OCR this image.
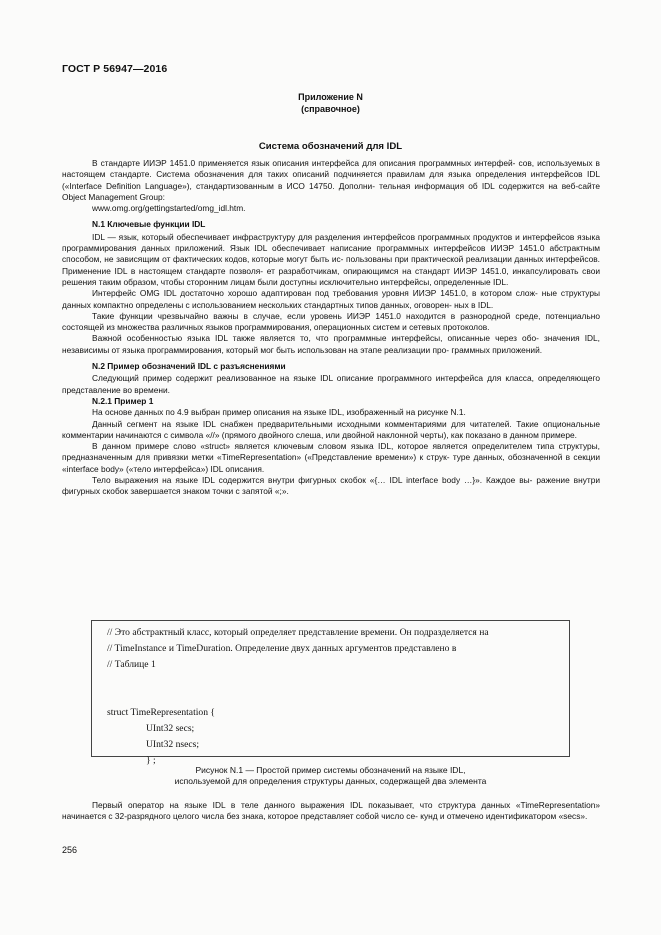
ГОСТ Р 56947—2016
Приложение N
(справочное)
Система обозначений для IDL

В стандарте ИИЭР 1451.0 применяется язык описания интерфейса для описания программных интерфей- сов, используемых в настоящем стандарте. Система обозначения для таких описаний подчиняется правилам для языка определения интерфейсов IDL («Interface Definition Language»), стандартизованным в ИСО 14750. Дополни- тельная информация об IDL содержится на веб-сайте Object Management Group:

www.omg.org/gettingstarted/omg_idl.htm.

N.1 Ключевые функции IDL

IDL — язык, который обеспечивает инфраструктуру для разделения интерфейсов программных продуктов и интерфейсов языка программирования данных приложений. Язык IDL обеспечивает написание программных интерфейсов ИИЭР 1451.0 абстрактным способом, не зависящим от фактических кодов, которые могут быть ис- пользованы при практической реализации данных интерфейсов. Применение IDL в настоящем стандарте позволя- ет разработчикам, опирающимся на стандарт ИИЭР 1451.0, инкапсулировать свои решения таким образом, чтобы сторонним лицам были доступны исключительно интерфейсы, определенные IDL.

Интерфейс OMG IDL достаточно хорошо адаптирован под требования уровня ИИЭР 1451.0, в котором слож- ные структуры данных компактно определены с использованием нескольких стандартных типов данных, оговорен- ных в IDL.

Такие функции чрезвычайно важны в случае, если уровень ИИЭР 1451.0 находится в разнородной среде, потенциально состоящей из множества различных языков программирования, операционных систем и сетевых протоколов.

Важной особенностью языка IDL также является то, что программные интерфейсы, описанные через обо- значения IDL, независимы от языка программирования, который мог быть использован на этапе реализации про- граммных приложений.

N.2 Пример обозначений IDL с разъяснениями

Следующий пример содержит реализованное на языке IDL описание программного интерфейса для класса, определяющего представление во времени.

N.2.1 Пример 1

На основе данных по 4.9 выбран пример описания на языке IDL, изображенный на рисунке N.1.

Данный сегмент на языке IDL снабжен предварительными исходными комментариями для читателей. Такие опциональные комментарии начинаются с символа «//» (прямого двойного слеша, или двойной наклонной черты), как показано в данном примере.

В данном примере слово «struct» является ключевым словом языка IDL, которое является определителем типа структуры, предназначенным для привязки метки «TimeRepresentation» («Представление времени») к струк- туре данных, обозначенной в секции «interface body» («тело интерфейса») IDL описания.

Тело выражения на языке IDL содержится внутри фигурных скобок «{… IDL interface body …}». Каждое вы- ражение внутри фигурных скобок завершается знаком точки с запятой «;».

// Это абстрактный класс, который определяет представление времени. Он подразделяется на
// TimeInstance и TimeDuration. Определение двух данных аргументов представлено в
// Таблице 1

struct TimeRepresentation {
UInt32 secs;
UInt32 nsecs;
} ;
Рисунок N.1 — Простой пример системы обозначений на языке IDL,
используемой для определения структуры данных, содержащей два элемента

Первый оператор на языке IDL в теле данного выражения IDL показывает, что структура данных «TimeRepresentation» начинается с 32-разрядного целого числа без знака, которое представляет собой число се- кунд и отмечено идентификатором «secs».

256
